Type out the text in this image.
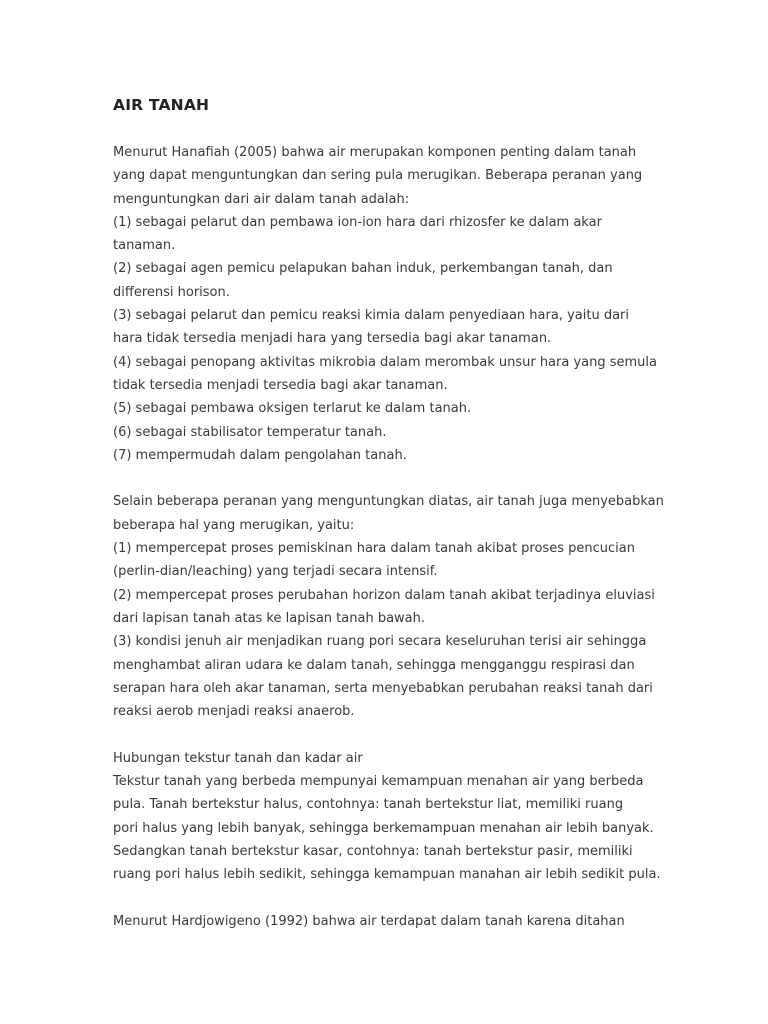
AIR TANAH
Menurut Hanafiah (2005) bahwa air merupakan komponen penting dalam tanah
yang dapat menguntungkan dan sering pula merugikan. Beberapa peranan yang
menguntungkan dari air dalam tanah adalah:
(1) sebagai pelarut dan pembawa ion-ion hara dari rhizosfer ke dalam akar
tanaman.
(2) sebagai agen pemicu pelapukan bahan induk, perkembangan tanah, dan
differensi horison.
(3) sebagai pelarut dan pemicu reaksi kimia dalam penyediaan hara, yaitu dari
hara tidak tersedia menjadi hara yang tersedia bagi akar tanaman.
(4) sebagai penopang aktivitas mikrobia dalam merombak unsur hara yang semula
tidak tersedia menjadi tersedia bagi akar tanaman.
(5) sebagai pembawa oksigen terlarut ke dalam tanah.
(6) sebagai stabilisator temperatur tanah.
(7) mempermudah dalam pengolahan tanah.
Selain beberapa peranan yang menguntungkan diatas, air tanah juga menyebabkan
beberapa hal yang merugikan, yaitu:
(1) mempercepat proses pemiskinan hara dalam tanah akibat proses pencucian
(perlin-dian/leaching) yang terjadi secara intensif.
(2) mempercepat proses perubahan horizon dalam tanah akibat terjadinya eluviasi
dari lapisan tanah atas ke lapisan tanah bawah.
(3) kondisi jenuh air menjadikan ruang pori secara keseluruhan terisi air sehingga
menghambat aliran udara ke dalam tanah, sehingga mengganggu respirasi dan
serapan hara oleh akar tanaman, serta menyebabkan perubahan reaksi tanah dari
reaksi aerob menjadi reaksi anaerob.
Hubungan tekstur tanah dan kadar air
Tekstur tanah yang berbeda mempunyai kemampuan menahan air yang berbeda
pula. Tanah bertekstur halus, contohnya: tanah bertekstur liat, memiliki ruang
pori halus yang lebih banyak, sehingga berkemampuan menahan air lebih banyak.
Sedangkan tanah bertekstur kasar, contohnya: tanah bertekstur pasir, memiliki
ruang pori halus lebih sedikit, sehingga kemampuan manahan air lebih sedikit pula.
Menurut Hardjowigeno (1992) bahwa air terdapat dalam tanah karena ditahan
